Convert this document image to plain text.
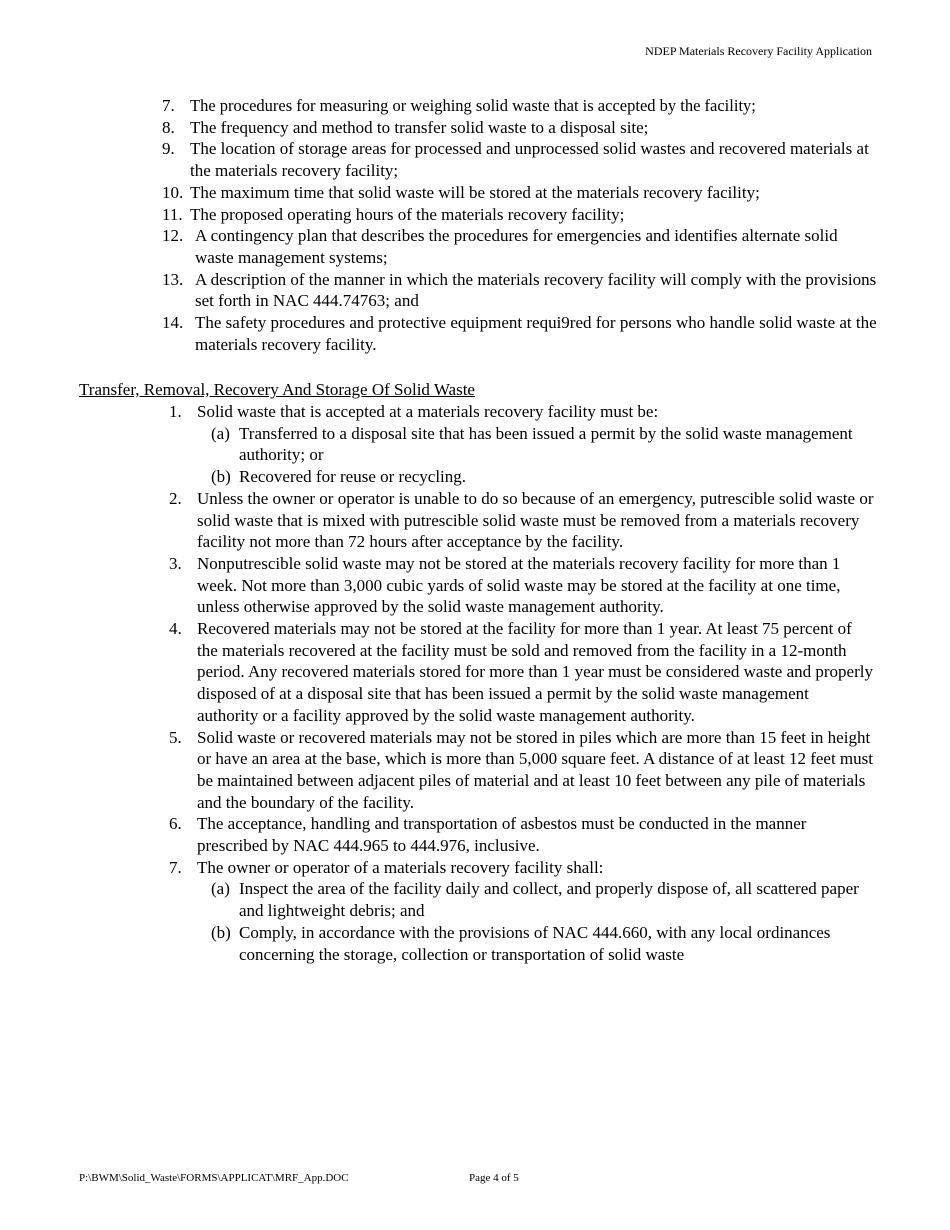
NDEP Materials Recovery Facility Application
7. The procedures for measuring or weighing solid waste that is accepted by the facility;
8. The frequency and method to transfer solid waste to a disposal site;
9. The location of storage areas for processed and unprocessed solid wastes and recovered materials at the materials recovery facility;
10. The maximum time that solid waste will be stored at the materials recovery facility;
11. The proposed operating hours of the materials recovery facility;
12. A contingency plan that describes the procedures for emergencies and identifies alternate solid waste management systems;
13. A description of the manner in which the materials recovery facility will comply with the provisions set forth in NAC 444.74763; and
14. The safety procedures and protective equipment requi9red for persons who handle solid waste at the materials recovery facility.
Transfer, Removal, Recovery And Storage Of Solid Waste
1. Solid waste that is accepted at a materials recovery facility must be:
(a) Transferred to a disposal site that has been issued a permit by the solid waste management authority; or
(b) Recovered for reuse or recycling.
2. Unless the owner or operator is unable to do so because of an emergency, putrescible solid waste or solid waste that is mixed with putrescible solid waste must be removed from a materials recovery facility not more than 72 hours after acceptance by the facility.
3. Nonputrescible solid waste may not be stored at the materials recovery facility for more than 1 week. Not more than 3,000 cubic yards of solid waste may be stored at the facility at one time, unless otherwise approved by the solid waste management authority.
4. Recovered materials may not be stored at the facility for more than 1 year. At least 75 percent of the materials recovered at the facility must be sold and removed from the facility in a 12-month period. Any recovered materials stored for more than 1 year must be considered waste and properly disposed of at a disposal site that has been issued a permit by the solid waste management authority or a facility approved by the solid waste management authority.
5. Solid waste or recovered materials may not be stored in piles which are more than 15 feet in height or have an area at the base, which is more than 5,000 square feet. A distance of at least 12 feet must be maintained between adjacent piles of material and at least 10 feet between any pile of materials and the boundary of the facility.
6. The acceptance, handling and transportation of asbestos must be conducted in the manner prescribed by NAC 444.965 to 444.976, inclusive.
7. The owner or operator of a materials recovery facility shall:
(a) Inspect the area of the facility daily and collect, and properly dispose of, all scattered paper and lightweight debris; and
(b) Comply, in accordance with the provisions of NAC 444.660, with any local ordinances concerning the storage, collection or transportation of solid waste
P:\BWM\Solid_Waste\FORMS\APPLICAT\MRF_App.DOC	Page 4 of 5
